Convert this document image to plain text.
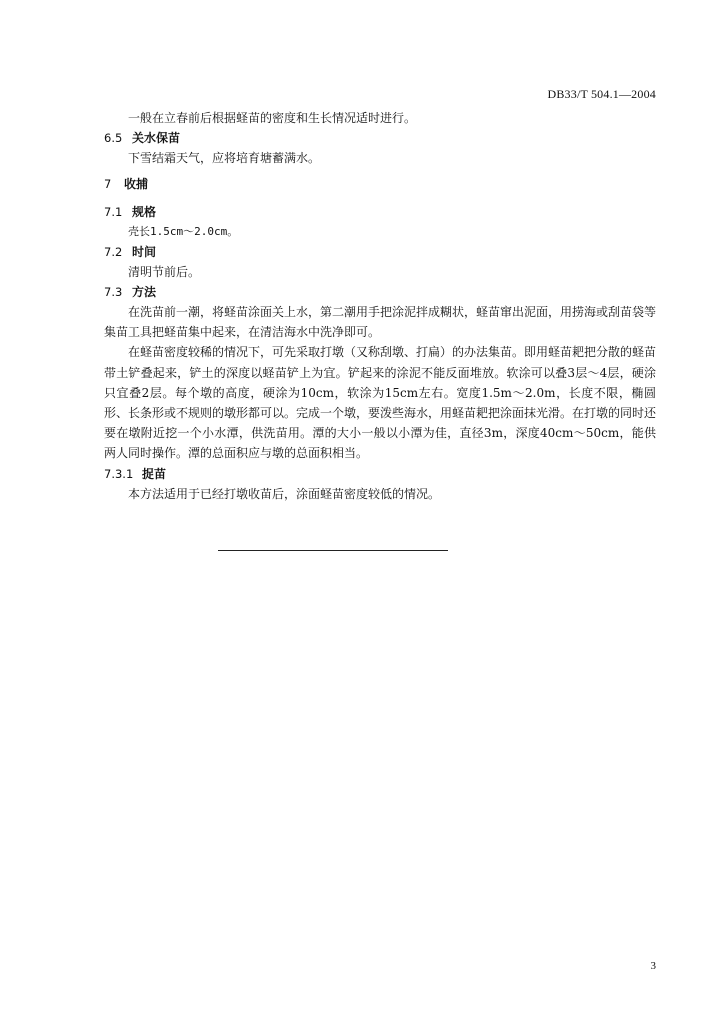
DB33/T 504.1—2004
一般在立春前后根据蛏苗的密度和生长情况适时进行。
6.5 关水保苗
下雪结霜天气，应将培育塘蓄满水。
7	收捕
7.1 规格
壳长1.5cm～2.0cm。
7.2 时间
清明节前后。
7.3 方法

在洗苗前一潮，将蛏苗涂面关上水，第二潮用手把涂泥拌成糊状，蛏苗窜出泥面，用捞海或刮苗袋等集苗工具把蛏苗集中起来，在清洁海水中洗净即可。

在蛏苗密度较稀的情况下，可先采取打墩（又称刮墩、打扁）的办法集苗。即用蛏苗耙把分散的蛏苗带土铲叠起来，铲土的深度以蛏苗铲上为宜。铲起来的涂泥不能反面堆放。软涂可以叠3层～4层，硬涂只宜叠2层。每个墩的高度，硬涂为10cm，软涂为15cm左右。宽度1.5m～2.0m，长度不限，椭圆形、长条形或不规则的墩形都可以。完成一个墩，要泼些海水，用蛏苗耙把涂面抹光滑。在打墩的同时还要在墩附近挖一个小水潭，供洗苗用。潭的大小一般以小潭为佳，直径3m，深度40cm～50cm，能供两人同时操作。潭的总面积应与墩的总面积相当。

7.3.1 捉苗
本方法适用于已经打墩收苗后，涂面蛏苗密度较低的情况。
3
